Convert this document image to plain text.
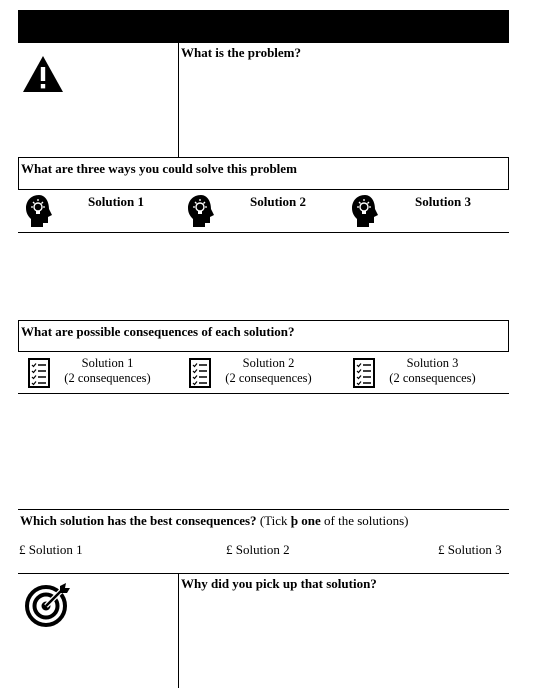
What is the problem?
What are three ways you could solve this problem
Solution 1	Solution 2	Solution 3
What are possible consequences of each solution?
Solution 1
(2 consequences)
Solution 2
(2 consequences)
Solution 3
(2 consequences)
Which solution has the best consequences? (Tick þ one of the solutions)
£ Solution 1	£ Solution 2	£ Solution 3
Why did you pick up that solution?
